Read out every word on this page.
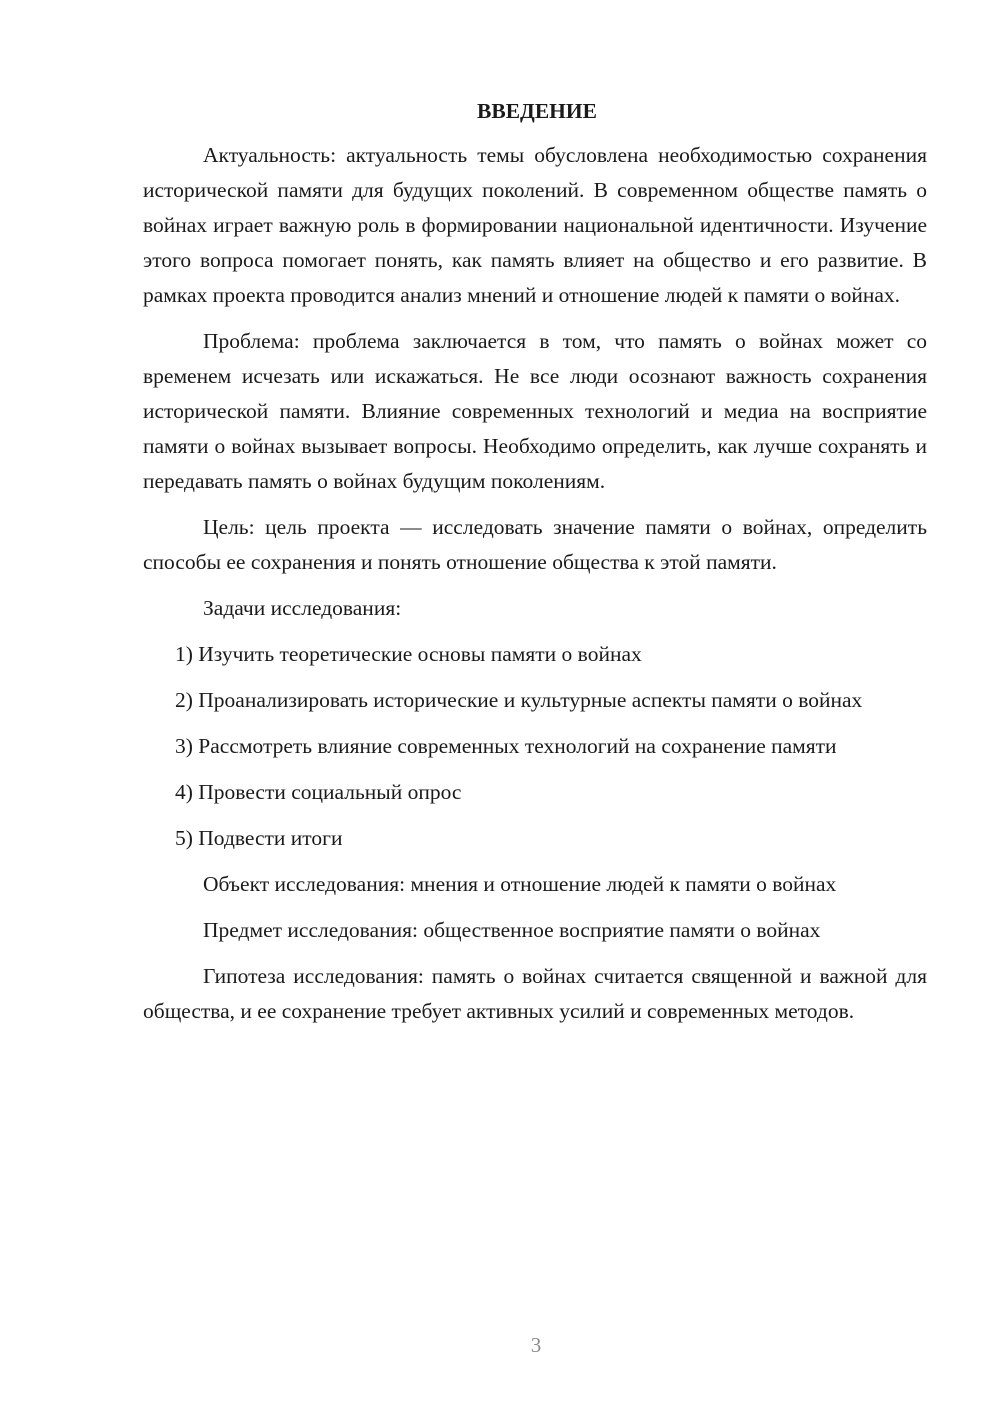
ВВЕДЕНИЕ

Актуальность: актуальность темы обусловлена необходимостью сохранения исторической памяти для будущих поколений. В современном обществе память о войнах играет важную роль в формировании национальной идентичности. Изучение этого вопроса помогает понять, как память влияет на общество и его развитие. В рамках проекта проводится анализ мнений и отношение людей к памяти о войнах.

Проблема: проблема заключается в том, что память о войнах может со временем исчезать или искажаться. Не все люди осознают важность сохранения исторической памяти. Влияние современных технологий и медиа на восприятие памяти о войнах вызывает вопросы. Необходимо определить, как лучше сохранять и передавать память о войнах будущим поколениям.

Цель: цель проекта — исследовать значение памяти о войнах, определить способы ее сохранения и понять отношение общества к этой памяти.

Задачи исследования:

1) Изучить теоретические основы памяти о войнах

2) Проанализировать исторические и культурные аспекты памяти о войнах

3) Рассмотреть влияние современных технологий на сохранение памяти

4) Провести социальный опрос

5) Подвести итоги

Объект исследования: мнения и отношение людей к памяти о войнах

Предмет исследования: общественное восприятие памяти о войнах

Гипотеза исследования: память о войнах считается священной и важной для общества, и ее сохранение требует активных усилий и современных методов.

3
